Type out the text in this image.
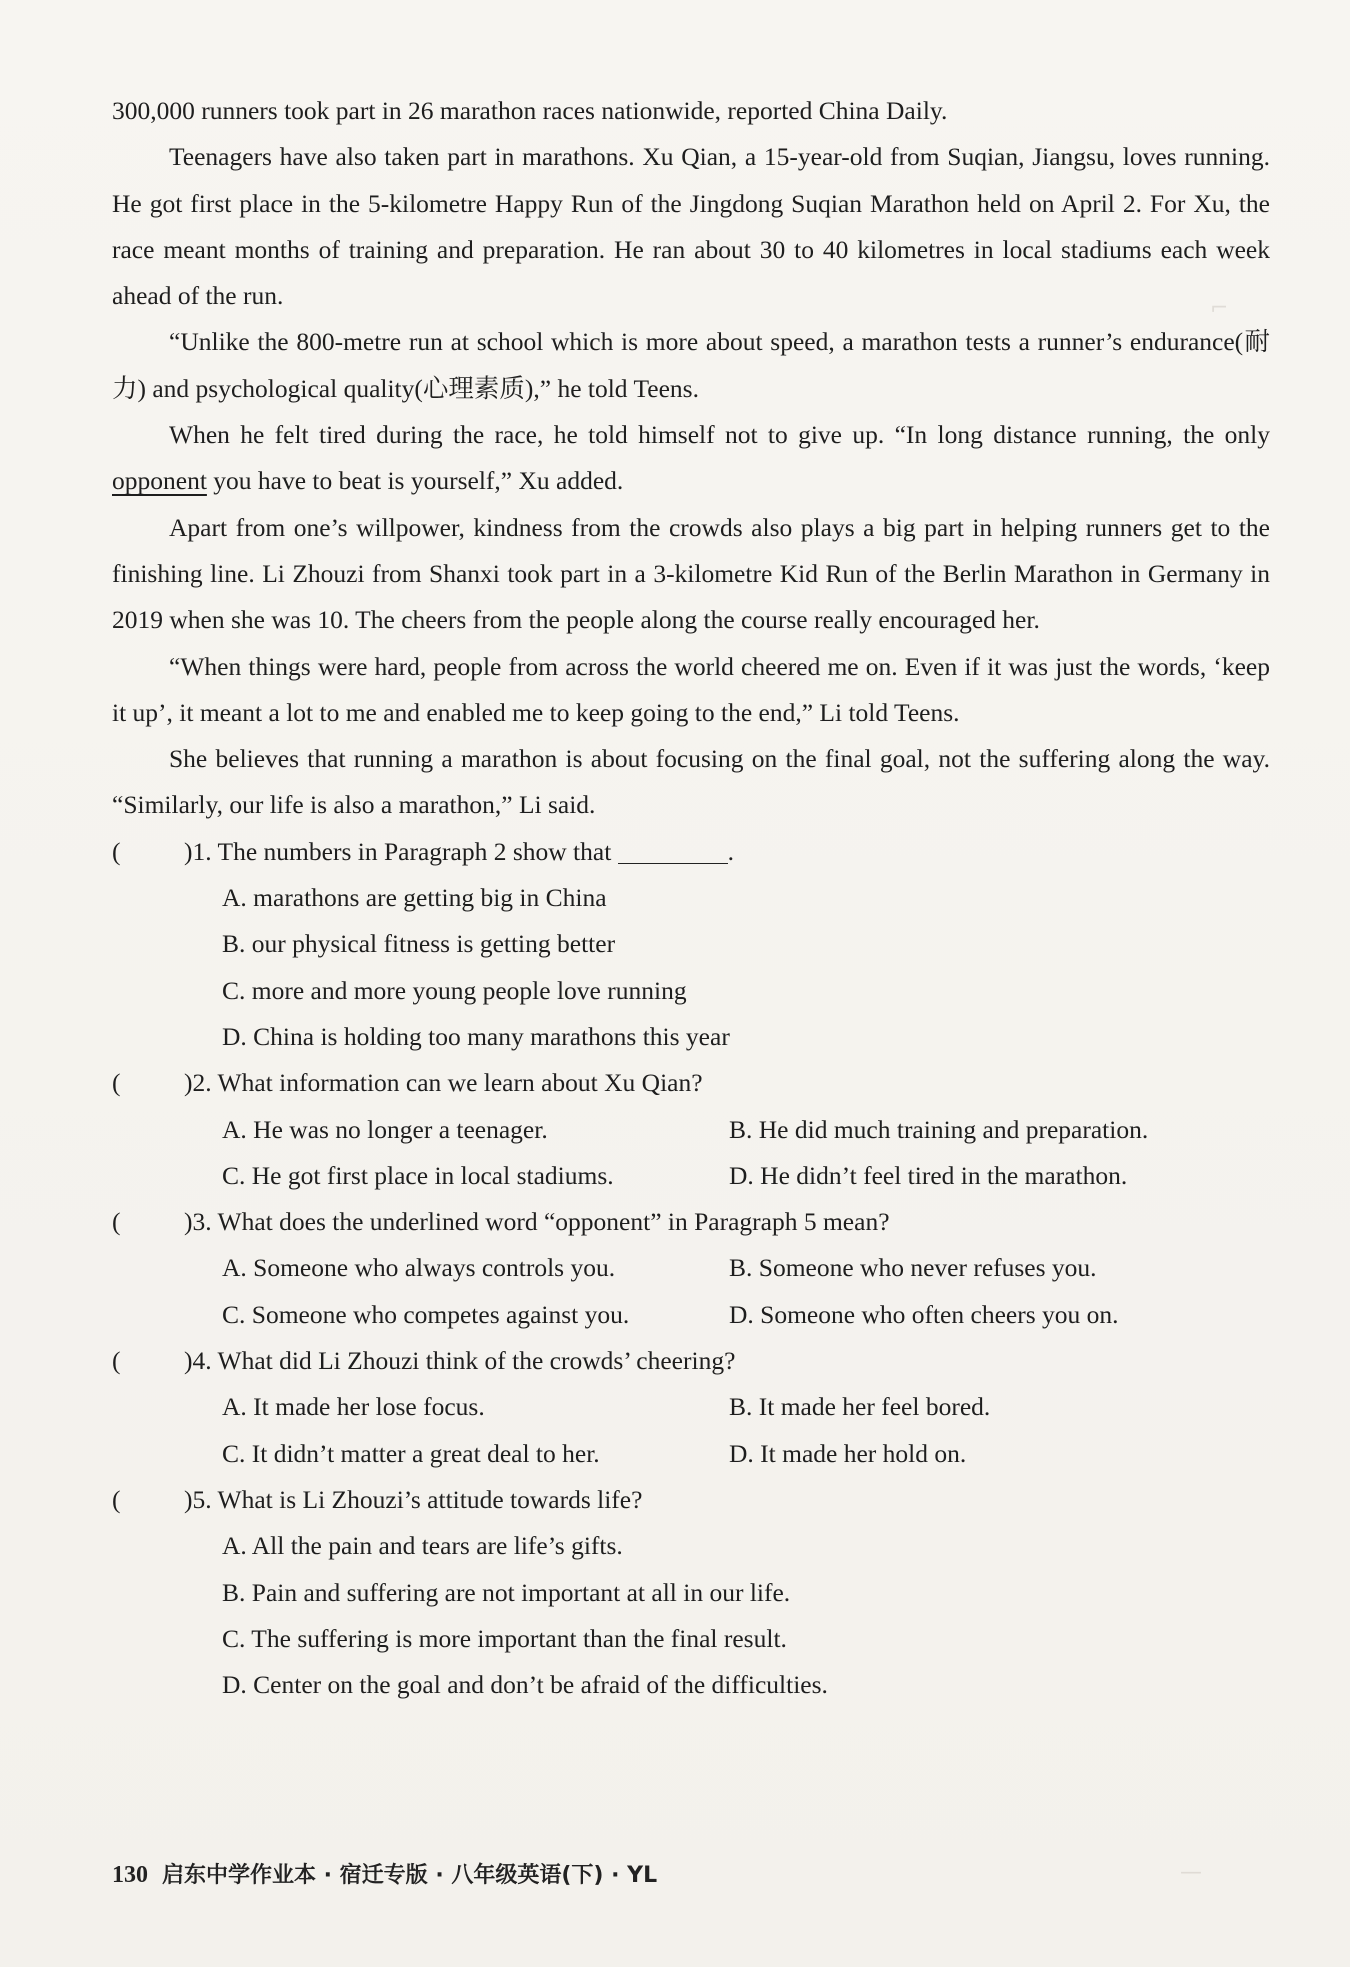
⌐
—

300,000 runners took part in 26 marathon races nationwide, reported China Daily.

Teenagers have also taken part in marathons. Xu Qian, a 15-year-old from Suqian, Jiangsu, loves running. He got first place in the 5-kilometre Happy Run of the Jingdong Suqian Marathon held on April 2. For Xu, the race meant months of training and preparation. He ran about 30 to 40 kilometres in local stadiums each week ahead of the run.

“Unlike the 800-metre run at school which is more about speed, a marathon tests a runner’s endurance(耐力) and psychological quality(心理素质),” he told Teens.

When he felt tired during the race, he told himself not to give up. “In long distance running, the only opponent you have to beat is yourself,” Xu added.

Apart from one’s willpower, kindness from the crowds also plays a big part in helping runners get to the finishing line. Li Zhouzi from Shanxi took part in a 3-kilometre Kid Run of the Berlin Marathon in Germany in 2019 when she was 10. The cheers from the people along the course really encouraged her.

“When things were hard, people from across the world cheered me on. Even if it was just the words, ‘keep it up’, it meant a lot to me and enabled me to keep going to the end,” Li told Teens.

She believes that running a marathon is about focusing on the final goal, not the suffering along the way. “Similarly, our life is also a marathon,” Li said.

( )1. The numbers in Paragraph 2 show that	.
A. marathons are getting big in China
B. our physical fitness is getting better
C. more and more young people love running
D. China is holding too many marathons this year
( )2. What information can we learn about Xu Qian?
A. He was no longer a teenager.	B. He did much training and preparation.
C. He got first place in local stadiums.	D. He didn’t feel tired in the marathon.
( )3. What does the underlined word “opponent” in Paragraph 5 mean?
A. Someone who always controls you.	B. Someone who never refuses you.
C. Someone who competes against you.	D. Someone who often cheers you on.
( )4. What did Li Zhouzi think of the crowds’ cheering?
A. It made her lose focus.	B. It made her feel bored.
C. It didn’t matter a great deal to her.	D. It made her hold on.
( )5. What is Li Zhouzi’s attitude towards life?
A. All the pain and tears are life’s gifts.
B. Pain and suffering are not important at all in our life.
C. The suffering is more important than the final result.
D. Center on the goal and don’t be afraid of the difficulties.
130 启东中学作业本 · 宿迁专版 · 八年级英语(下) · YL
